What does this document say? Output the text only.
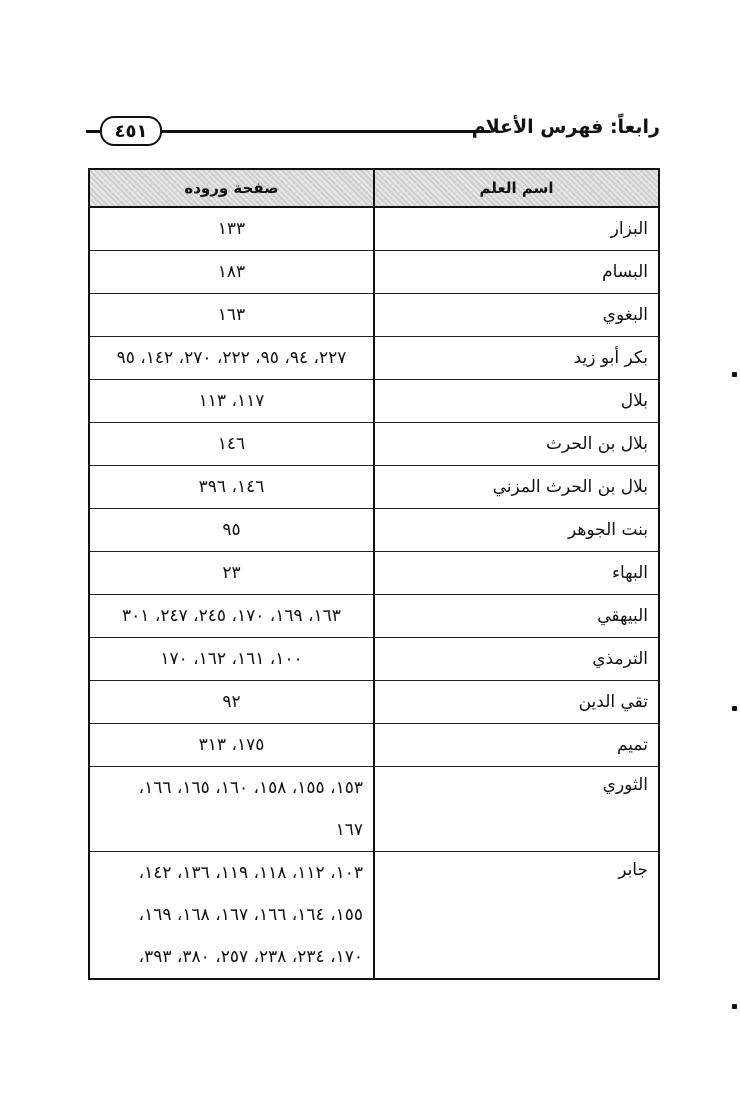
٤٥١	رابعاً: فهرس الأعلام
اسم العلم	صفحة وروده
البزار	١٣٣

البسام	١٨٣

البغوي	١٦٣

بكر أبو زيد	٢٢٧، ٩٤، ٩٥، ٢٢٢، ٢٧٠، ١٤٢، ٩٥

بلال	١١٧، ١١٣

بلال بن الحرث	١٤٦

بلال بن الحرث المزني	١٤٦، ٣٩٦

بنت الجوهر	٩٥

البهاء	٢٣

البيهقي	١٦٣، ١٦٩، ١٧٠، ٢٤٥، ٢٤٧، ٣٠١

الترمذي	١٠٠، ١٦١، ١٦٢، ١٧٠

تقي الدين	٩٢

تميم	١٧٥، ٣١٣

الثوري	١٥٣، ١٥٥، ١٥٨، ١٦٠، ١٦٥، ١٦٦،
١٦٧

جابر	١٠٣، ١١٢، ١١٨، ١١٩، ١٣٦، ١٤٢،
١٥٥، ١٦٤، ١٦٦، ١٦٧، ١٦٨، ١٦٩،
١٧٠، ٢٣٤، ٢٣٨، ٢٥٧، ٣٨٠، ٣٩٣،
